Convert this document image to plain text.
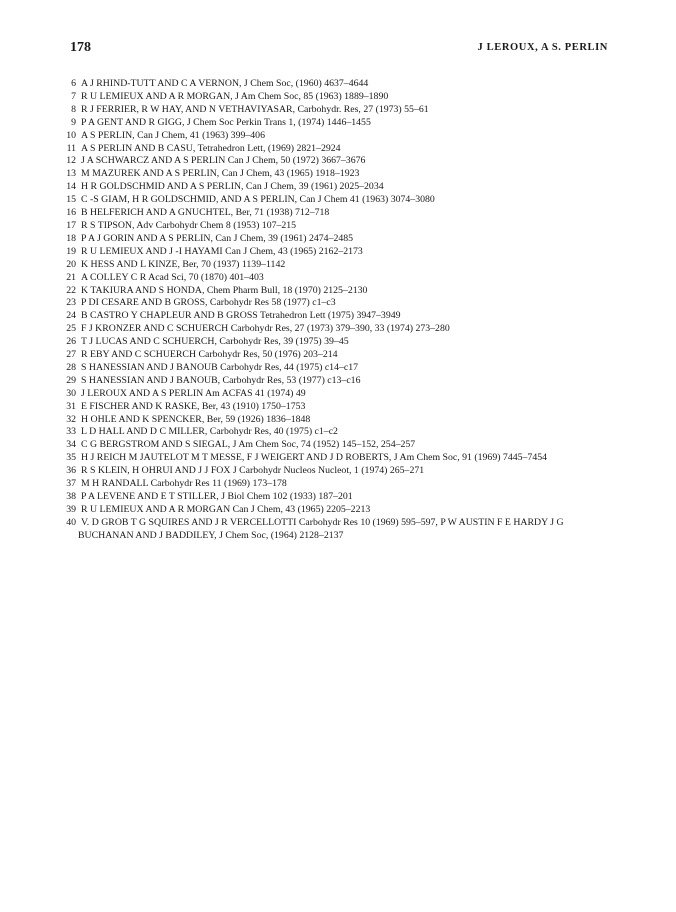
178	J LEROUX, A S. PERLIN
6 A J RHIND-TUTT AND C A VERNON, J Chem Soc, (1960) 4637–4644
7 R U LEMIEUX AND A R MORGAN, J Am Chem Soc, 85 (1963) 1889–1890
8 R J FERRIER, R W HAY, AND N VETHAVIYASAR, Carbohydr. Res, 27 (1973) 55–61
9 P A GENT AND R GIGG, J Chem Soc Perkin Trans 1, (1974) 1446–1455
10 A S PERLIN, Can J Chem, 41 (1963) 399–406
11 A S PERLIN AND B CASU, Tetrahedron Lett, (1969) 2821–2924
12 J A SCHWARCZ AND A S PERLIN Can J Chem, 50 (1972) 3667–3676
13 M MAZUREK AND A S PERLIN, Can J Chem, 43 (1965) 1918–1923
14 H R GOLDSCHMID AND A S PERLIN, Can J Chem, 39 (1961) 2025–2034
15 C -S GIAM, H R GOLDSCHMID, AND A S PERLIN, Can J Chem 41 (1963) 3074–3080
16 B HELFERICH AND A GNUCHTEL, Ber, 71 (1938) 712–718
17 R S TIPSON, Adv Carbohydr Chem 8 (1953) 107–215
18 P A J GORIN AND A S PERLIN, Can J Chem, 39 (1961) 2474–2485
19 R U LEMIEUX AND J -I HAYAMI Can J Chem, 43 (1965) 2162–2173
20 K HESS AND L KINZE, Ber, 70 (1937) 1139–1142
21 A COLLEY C R Acad Sci, 70 (1870) 401–403
22 K TAKIURA AND S HONDA, Chem Pharm Bull, 18 (1970) 2125–2130
23 P DI CESARE AND B GROSS, Carbohydr Res 58 (1977) c1–c3
24 B CASTRO Y CHAPLEUR AND B GROSS Tetrahedron Lett (1975) 3947–3949
25 F J KRONZER AND C SCHUERCH Carbohydr Res, 27 (1973) 379–390, 33 (1974) 273–280
26 T J LUCAS AND C SCHUERCH, Carbohydr Res, 39 (1975) 39–45
27 R EBY AND C SCHUERCH Carbohydr Res, 50 (1976) 203–214
28 S HANESSIAN AND J BANOUB Carbohydr Res, 44 (1975) c14–c17
29 S HANESSIAN AND J BANOUB, Carbohydr Res, 53 (1977) c13–c16
30 J LEROUX AND A S PERLIN Am ACFAS 41 (1974) 49
31 E FISCHER AND K RASKE, Ber, 43 (1910) 1750–1753
32 H OHLE AND K SPENCKER, Ber, 59 (1926) 1836–1848
33 L D HALL AND D C MILLER, Carbohydr Res, 40 (1975) c1–c2
34 C G BERGSTROM AND S SIEGAL, J Am Chem Soc, 74 (1952) 145–152, 254–257
35 H J REICH M JAUTELOT M T MESSE, F J WEIGERT AND J D ROBERTS, J Am Chem Soc, 91 (1969) 7445–7454
36 R S KLEIN, H OHRUI AND J J FOX J Carbohydr Nucleos Nucleot, 1 (1974) 265–271
37 M H RANDALL Carbohydr Res 11 (1969) 173–178
38 P A LEVENE AND E T STILLER, J Biol Chem 102 (1933) 187–201
39 R U LEMIEUX AND A R MORGAN Can J Chem, 43 (1965) 2205–2213
40 V. D GROB T G SQUIRES AND J R VERCELLOTTI Carbohydr Res 10 (1969) 595–597, P W AUSTIN F E HARDY J G BUCHANAN AND J BADDILEY, J Chem Soc, (1964) 2128–2137
